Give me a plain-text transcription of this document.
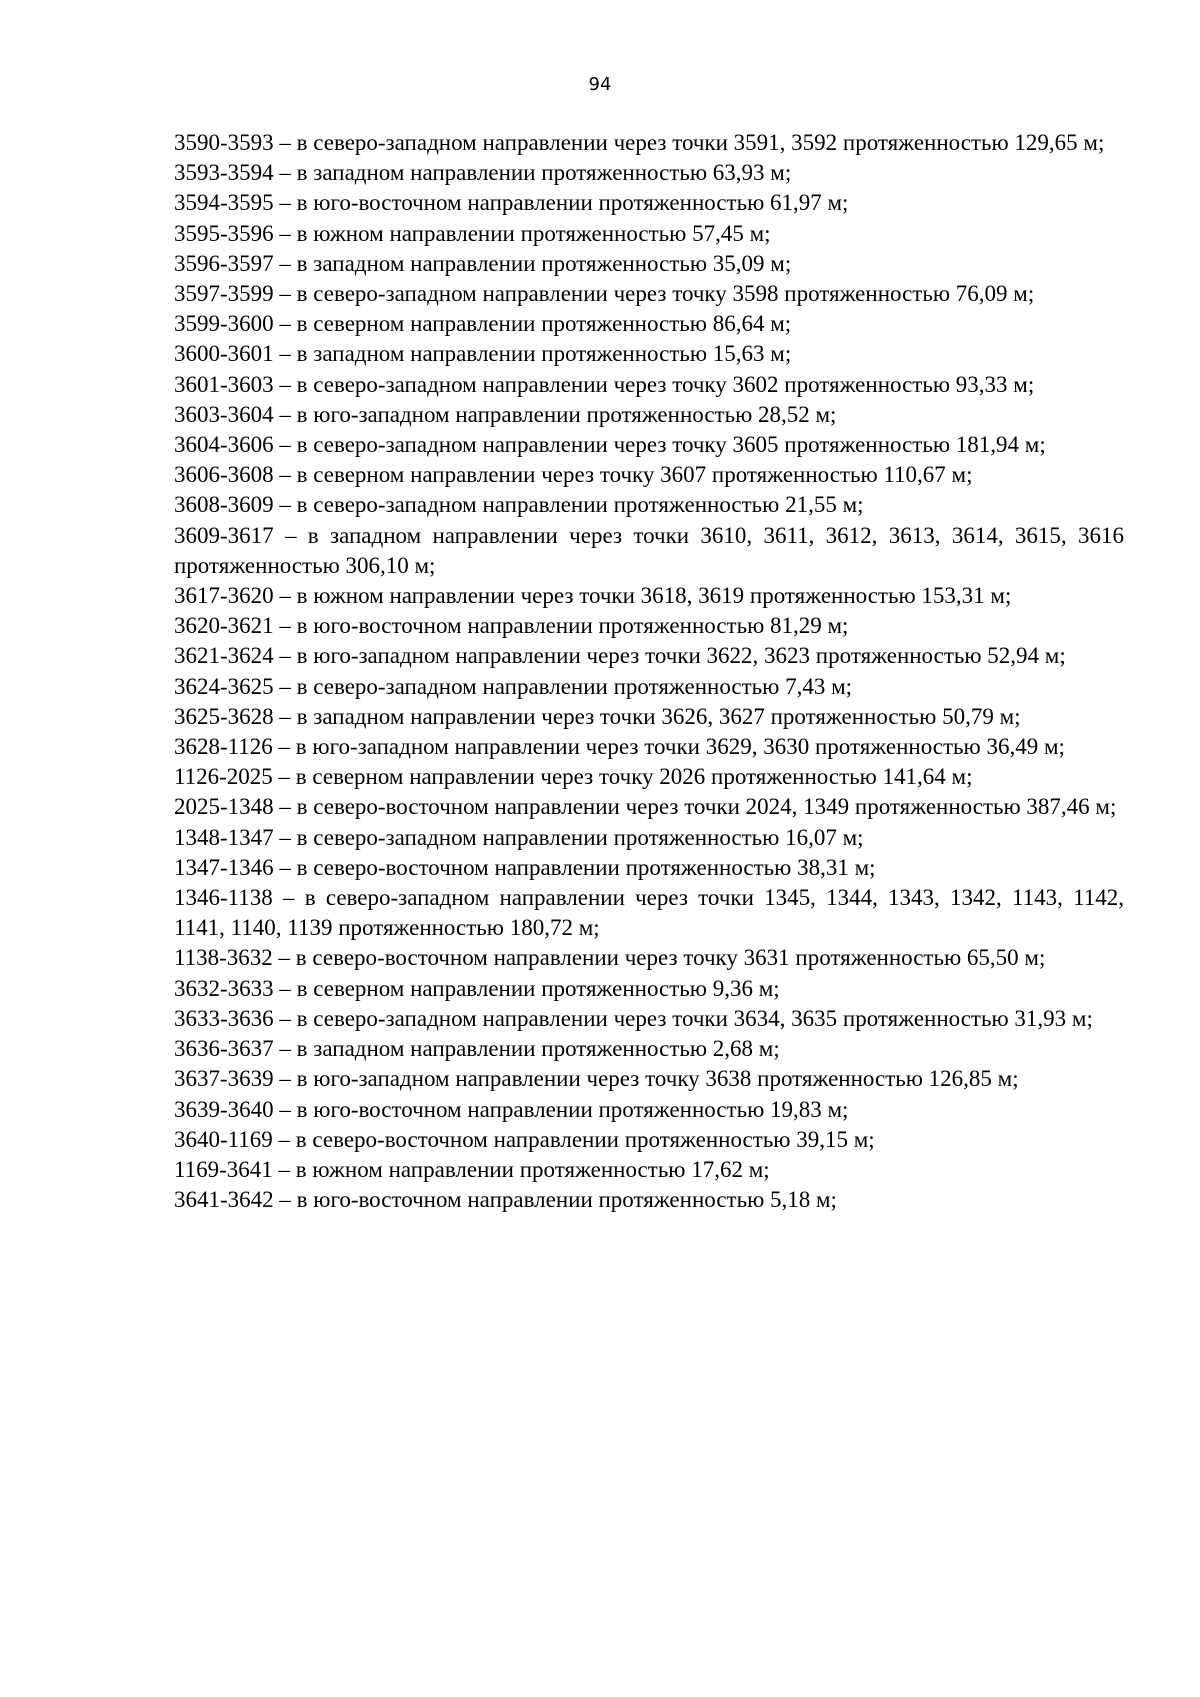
94

3590-3593 – в северо-западном направлении через точки 3591, 3592 протяженностью 129,65 м;

3593-3594 – в западном направлении протяженностью 63,93 м;

3594-3595 – в юго-восточном направлении протяженностью 61,97 м;

3595-3596 – в южном направлении протяженностью 57,45 м;

3596-3597 – в западном направлении протяженностью 35,09 м;

3597-3599 – в северо-западном направлении через точку 3598 протяженностью 76,09 м;

3599-3600 – в северном направлении протяженностью 86,64 м;

3600-3601 – в западном направлении протяженностью 15,63 м;

3601-3603 – в северо-западном направлении через точку 3602 протяженностью 93,33 м;

3603-3604 – в юго-западном направлении протяженностью 28,52 м;

3604-3606 – в северо-западном направлении через точку 3605 протяженностью 181,94 м;

3606-3608 – в северном направлении через точку 3607 протяженностью 110,67 м;

3608-3609 – в северо-западном направлении протяженностью 21,55 м;

3609-3617 – в западном направлении через точки 3610, 3611, 3612, 3613, 3614, 3615, 3616 протяженностью 306,10 м;

3617-3620 – в южном направлении через точки 3618, 3619 протяженностью 153,31 м;

3620-3621 – в юго-восточном направлении протяженностью 81,29 м;

3621-3624 – в юго-западном направлении через точки 3622, 3623 протяженностью 52,94 м;

3624-3625 – в северо-западном направлении протяженностью 7,43 м;

3625-3628 – в западном направлении через точки 3626, 3627 протяженностью 50,79 м;

3628-1126 – в юго-западном направлении через точки 3629, 3630 протяженностью 36,49 м;

1126-2025 – в северном направлении через точку 2026 протяженностью 141,64 м;

2025-1348 – в северо-восточном направлении через точки 2024, 1349 протяженностью 387,46 м;

1348-1347 – в северо-западном направлении протяженностью 16,07 м;

1347-1346 – в северо-восточном направлении протяженностью 38,31 м;

1346-1138 – в северо-западном направлении через точки 1345, 1344, 1343, 1342, 1143, 1142, 1141, 1140, 1139 протяженностью 180,72 м;

1138-3632 – в северо-восточном направлении через точку 3631 протяженностью 65,50 м;

3632-3633 – в северном направлении протяженностью 9,36 м;

3633-3636 – в северо-западном направлении через точки 3634, 3635 протяженностью 31,93 м;

3636-3637 – в западном направлении протяженностью 2,68 м;

3637-3639 – в юго-западном направлении через точку 3638 протяженностью 126,85 м;

3639-3640 – в юго-восточном направлении протяженностью 19,83 м;

3640-1169 – в северо-восточном направлении протяженностью 39,15 м;

1169-3641 – в южном направлении протяженностью 17,62 м;

3641-3642 – в юго-восточном направлении протяженностью 5,18 м;
